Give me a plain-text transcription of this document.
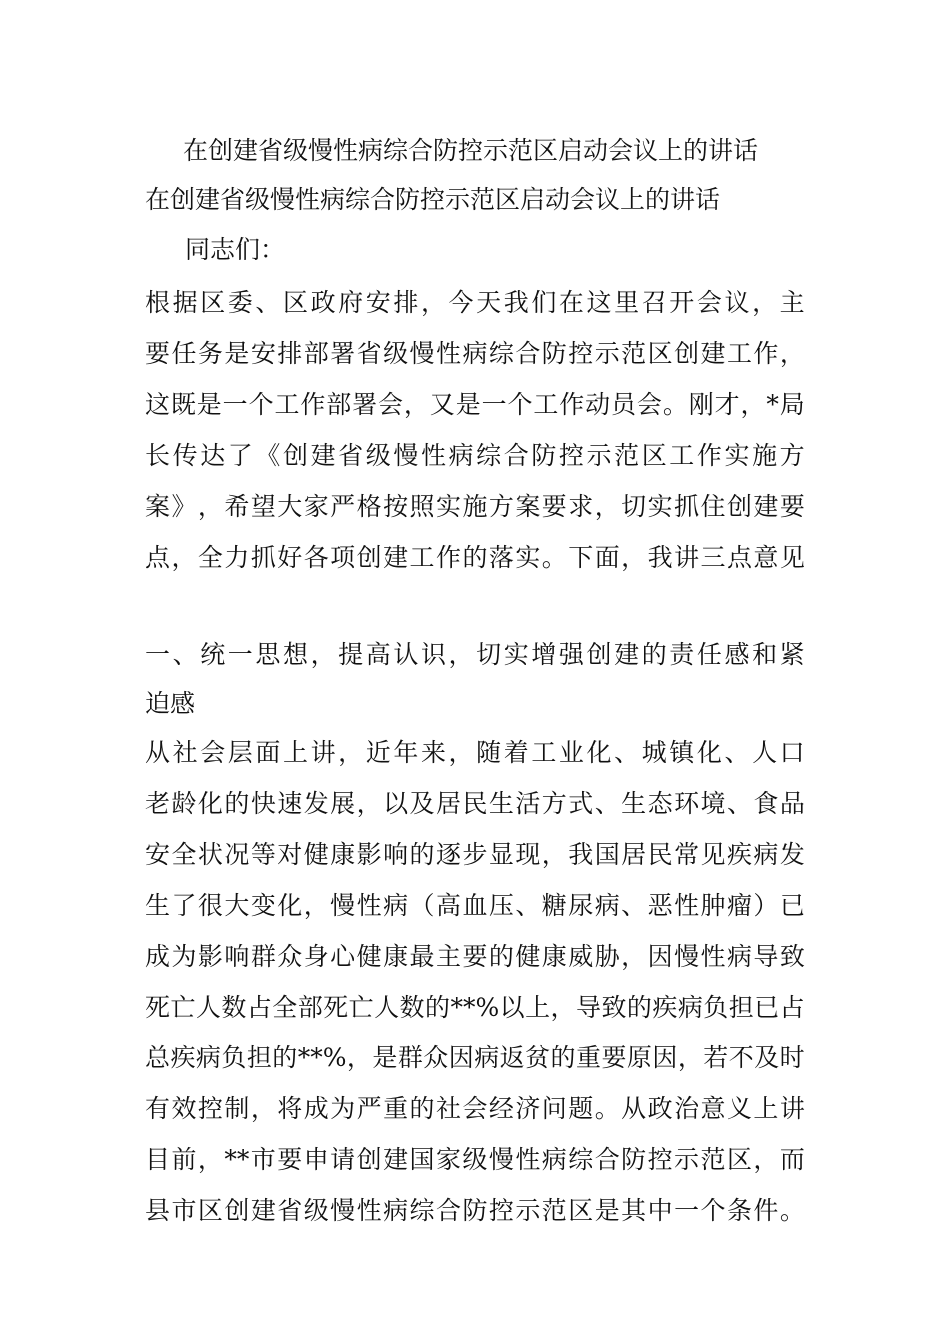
在创建省级慢性病综合防控示范区启动会议上的讲话
在创建省级慢性病综合防控示范区启动会议上的讲话
同志们：
根 据 区 委 、 区 政 府 安 排 ， 今 天 我 们 在 这 里 召 开 会 议 ， 主
要 任 务 是 安 排 部 署 省 级 慢 性 病 综 合 防 控 示 范 区 创 建 工 作 ，
这 既 是 一 个 工 作 部 署 会 ， 又 是 一 个 工 作 动 员 会 。 刚 才 ， * 局
长 传 达 了 《 创 建 省 级 慢 性 病 综 合 防 控 示 范 区 工 作 实 施 方
案 》 ， 希 望 大 家 严 格 按 照 实 施 方 案 要 求 ， 切 实 抓 住 创 建 要
点 ， 全 力 抓 好 各 项 创 建 工 作 的 落 实 。 下 面 ， 我 讲 三 点 意 见
一 、 统 一 思 想 ， 提 高 认 识 ， 切 实 增 强 创 建 的 责 任 感 和 紧
迫感
从 社 会 层 面 上 讲 ， 近 年 来 ， 随 着 工 业 化 、 城 镇 化 、 人 口
老 龄 化 的 快 速 发 展 ， 以 及 居 民 生 活 方 式 、 生 态 环 境 、 食 品
安 全 状 况 等 对 健 康 影 响 的 逐 步 显 现 ， 我 国 居 民 常 见 疾 病 发
生 了 很 大 变 化 ， 慢 性 病 （ 高 血 压 、 糖 尿 病 、 恶 性 肿 瘤 ） 已
成 为 影 响 群 众 身 心 健 康 最 主 要 的 健 康 威 胁 ， 因 慢 性 病 导 致
死 亡 人 数 占 全 部 死 亡 人 数 的 **% 以 上 ， 导 致 的 疾 病 负 担 已 占
总 疾 病 负 担 的 **% ， 是 群 众 因 病 返 贫 的 重 要 原 因 ， 若 不 及 时
有 效 控 制 ， 将 成 为 严 重 的 社 会 经 济 问 题 。 从 政 治 意 义 上 讲
目 前 ， ** 市 要 申 请 创 建 国 家 级 慢 性 病 综 合 防 控 示 范 区 ， 而
县 市 区 创 建 省 级 慢 性 病 综 合 防 控 示 范 区 是 其 中 一 个 条 件 。
